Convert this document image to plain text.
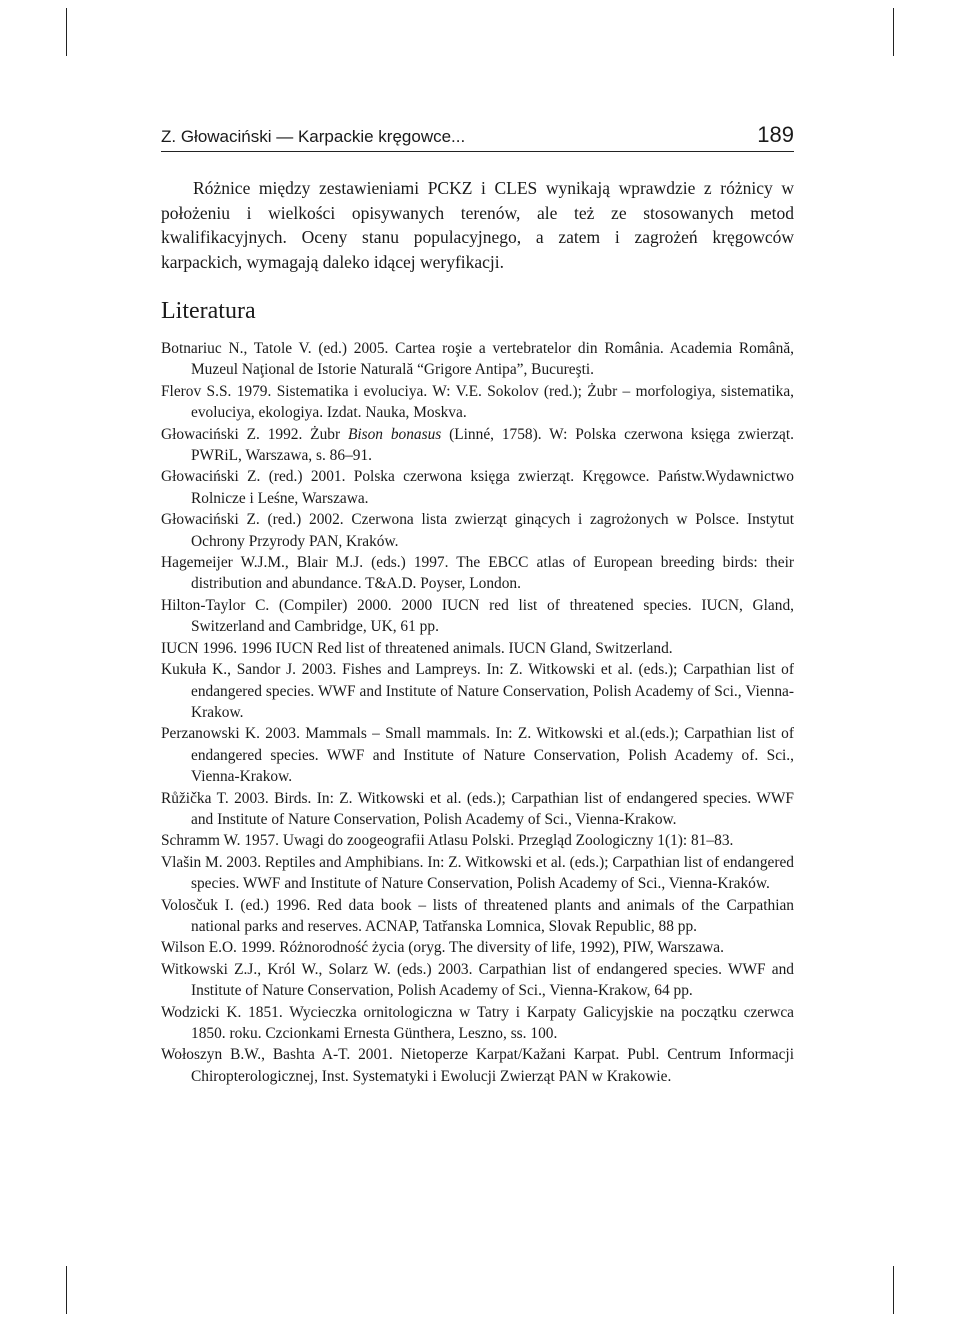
Z. Głowaciński — Karpackie kręgowce...	189

Różnice między zestawieniami PCKZ i CLES wynikają wprawdzie z różnicy w położeniu i wielkości opisywanych terenów, ale też ze stosowanych metod kwalifikacyjnych. Oceny stanu populacyjnego, a zatem i zagrożeń kręgowców karpackich, wymagają daleko idącej weryfikacji.

Literatura
Botnariuc N., Tatole V. (ed.) 2005. Cartea roşie a vertebratelor din România. Academia Română, Muzeul Naţional de Istorie Naturală “Grigore Antipa”, Bucureşti.
Flerov S.S. 1979. Sistematika i evoluciya. W: V.E. Sokolov (red.); Żubr – morfologiya, sistematika, evoluciya, ekologiya. Izdat. Nauka, Moskva.
Głowaciński Z. 1992. Żubr Bison bonasus (Linné, 1758). W: Polska czerwona księga zwierząt. PWRiL, Warszawa, s. 86–91.
Głowaciński Z. (red.) 2001. Polska czerwona księga zwierząt. Kręgowce. Państw.Wydawnictwo Rolnicze i Leśne, Warszawa.
Głowaciński Z. (red.) 2002. Czerwona lista zwierząt ginących i zagrożonych w Polsce. Instytut Ochrony Przyrody PAN, Kraków.
Hagemeijer W.J.M., Blair M.J. (eds.) 1997. The EBCC atlas of European breeding birds: their distribution and abundance. T&A.D. Poyser, London.
Hilton-Taylor C. (Compiler) 2000. 2000 IUCN red list of threatened species. IUCN, Gland, Switzerland and Cambridge, UK, 61 pp.
IUCN 1996. 1996 IUCN Red list of threatened animals. IUCN Gland, Switzerland.
Kukuła K., Sandor J. 2003. Fishes and Lampreys. In: Z. Witkowski et al. (eds.); Carpathian list of endangered species. WWF and Institute of Nature Conservation, Polish Academy of Sci., Vienna-Krakow.
Perzanowski K. 2003. Mammals – Small mammals. In: Z. Witkowski et al.(eds.); Carpathian list of endangered species. WWF and Institute of Nature Conservation, Polish Academy of. Sci., Vienna-Krakow.
Růžička T. 2003. Birds. In: Z. Witkowski et al. (eds.); Carpathian list of endangered species. WWF and Institute of Nature Conservation, Polish Academy of Sci., Vienna-Krakow.
Schramm W. 1957. Uwagi do zoogeografii Atlasu Polski. Przegląd Zoologiczny 1(1): 81–83.
Vlašin M. 2003. Reptiles and Amphibians. In: Z. Witkowski et al. (eds.); Carpathian list of endangered species. WWF and Institute of Nature Conservation, Polish Academy of Sci., Vienna-Kraków.
Volosčuk I. (ed.) 1996. Red data book – lists of threatened plants and animals of the Carpathian national parks and reserves. ACNAP, Tatřanska Lomnica, Slovak Republic, 88 pp.
Wilson E.O. 1999. Różnorodność życia (oryg. The diversity of life, 1992), PIW, Warszawa.
Witkowski Z.J., Król W., Solarz W. (eds.) 2003. Carpathian list of endangered species. WWF and Institute of Nature Conservation, Polish Academy of Sci., Vienna-Krakow, 64 pp.
Wodzicki K. 1851. Wycieczka ornitologiczna w Tatry i Karpaty Galicyjskie na początku czerwca 1850. roku. Czcionkami Ernesta Günthera, Leszno, ss. 100.
Wołoszyn B.W., Bashta A-T. 2001. Nietoperze Karpat/Kažani Karpat. Publ. Centrum Informacji Chiropterologicznej, Inst. Systematyki i Ewolucji Zwierząt PAN w Krakowie.
